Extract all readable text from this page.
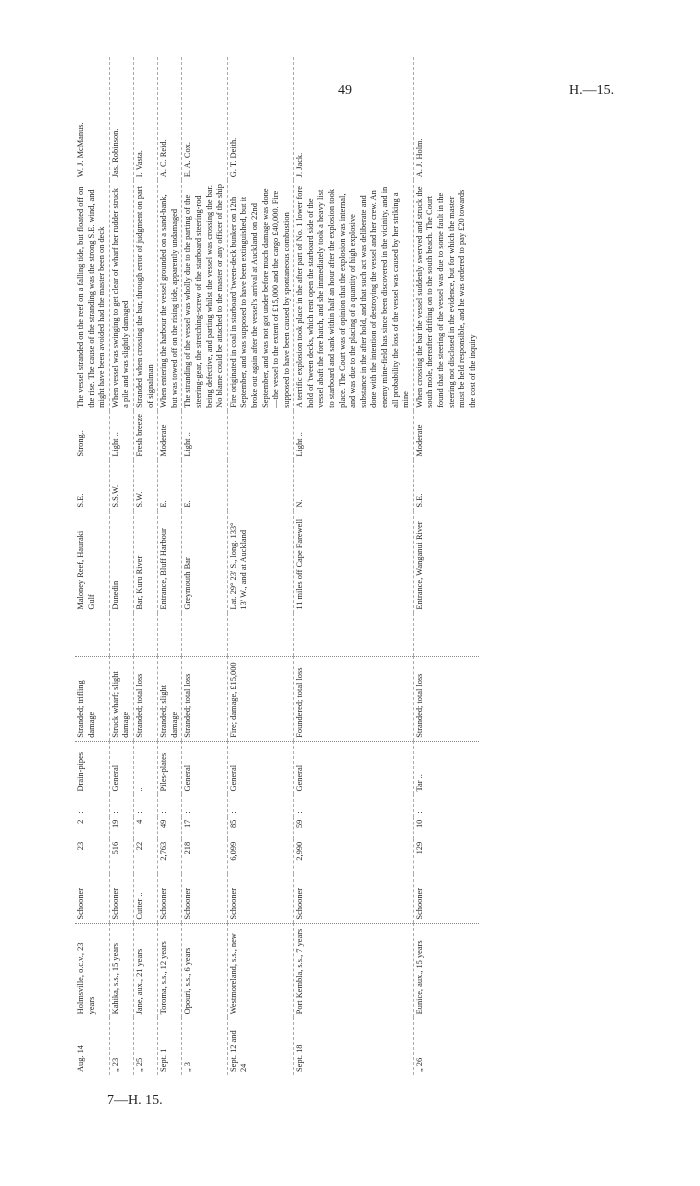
49	H.—15.
Aug. 14	Holmsville, o.c.v., 23 years	Schooner	23	2	:	Drain-pipes	Stranded; trifling damage		Maloney Reef, Hauraki Gulf	S.E.	Strong..	The vessel stranded on the reef on a falling tide, but floated off on the rise. The cause of the stranding was the strong S.E. wind, and might have been avoided had the master been on deck	W. J. McManus.
„ 23	Kahika, s.s., 15 years	Schooner	516	19	:	General	Struck wharf; slight damage		Dunedin	S.S.W.	Light ..	When vessel was swinging to get clear of wharf her rudder struck a pile and was slightly damaged	Jas. Robinson.
„ 25	Jane, aux., 21 years	Cutter ..	22	4	:	..	Stranded; total loss		Bar, Kuru River	S.W.	Fresh breeze	Stranded when crossing the bar, through error of judgment on part of signalman	I. Vasta.
Sept. 1	Toroma, s.s., 12 years	Schooner	2,763	49	:	Piles-plates	Stranded; slight damage		Entrance, Bluff Harbour	E.	Moderate	When entering the harbour the vessel grounded on a sand-bank, but was towed off on the rising tide, apparently undamaged	A. C. Reid.
„ 3	Opouri, s.s., 6 years	Schooner	218	17	:	General	Stranded; total loss		Greymouth Bar	E.	Light ..	The stranding of the vessel was wholly due to the parting of the steering-gear, the stretching-screw of the starboard steering-rod being defective, and parting whilst the vessel was crossing the bar. No blame could be attached to the master or any officer of the ship	E. A. Cox.
Sept. 12 and 24	Westmoreland, s.s., new	Schooner	6,099	85	:	General	Fire; damage, £15,000		Lat. 29° 23' S., long. 133° 13' W., and at Auckland			Fire originated in coal in starboard 'tween-deck bunker on 12th September, and was supposed to have been extinguished, but it broke out again after the vessel's arrival at Auckland on 22nd September, and was not got under before much damage was done—the vessel to the extent of £15,000 and the cargo £40,000. Fire supposed to have been caused by spontaneous combustion	G. T. Deith.
Sept. 18	Port Kembla, s.s., 7 years	Schooner	2,990	59	:	General	Foundered; total loss		11 miles off Cape Farewell	N.	Light ..	A terrific explosion took place in the after part of No. 1 lower fore hold of 'tween decks, which rent open the starboard side of the vessel abaft the fore hatch, and she immediately took a heavy list to starboard and sank within half an hour after the explosion took place. The Court was of opinion that the explosion was internal, and was due to the placing of a quantity of high explosive substance in the after hold, and that such act was deliberate and done with the intention of destroying the vessel and her crew. An enemy mine-field has since been discovered in the vicinity, and in all probability the loss of the vessel was caused by her striking a mine	J. Jack.
„ 26	Eunice, aux., 15 years	Schooner	129	10	:	Tar ..	Stranded; total loss		Entrance, Wanganui River	S.E.	Moderate	When crossing the bar the vessel suddenly swerved and struck the south mole, thereafter drifting on to the south beach. The Court found that the steering of the vessel was due to some fault in the steering not disclosed in the evidence, but for which the master must be held responsible, and he was ordered to pay £20 towards the cost of the inquiry	A. J. Holm.
7—H. 15.
